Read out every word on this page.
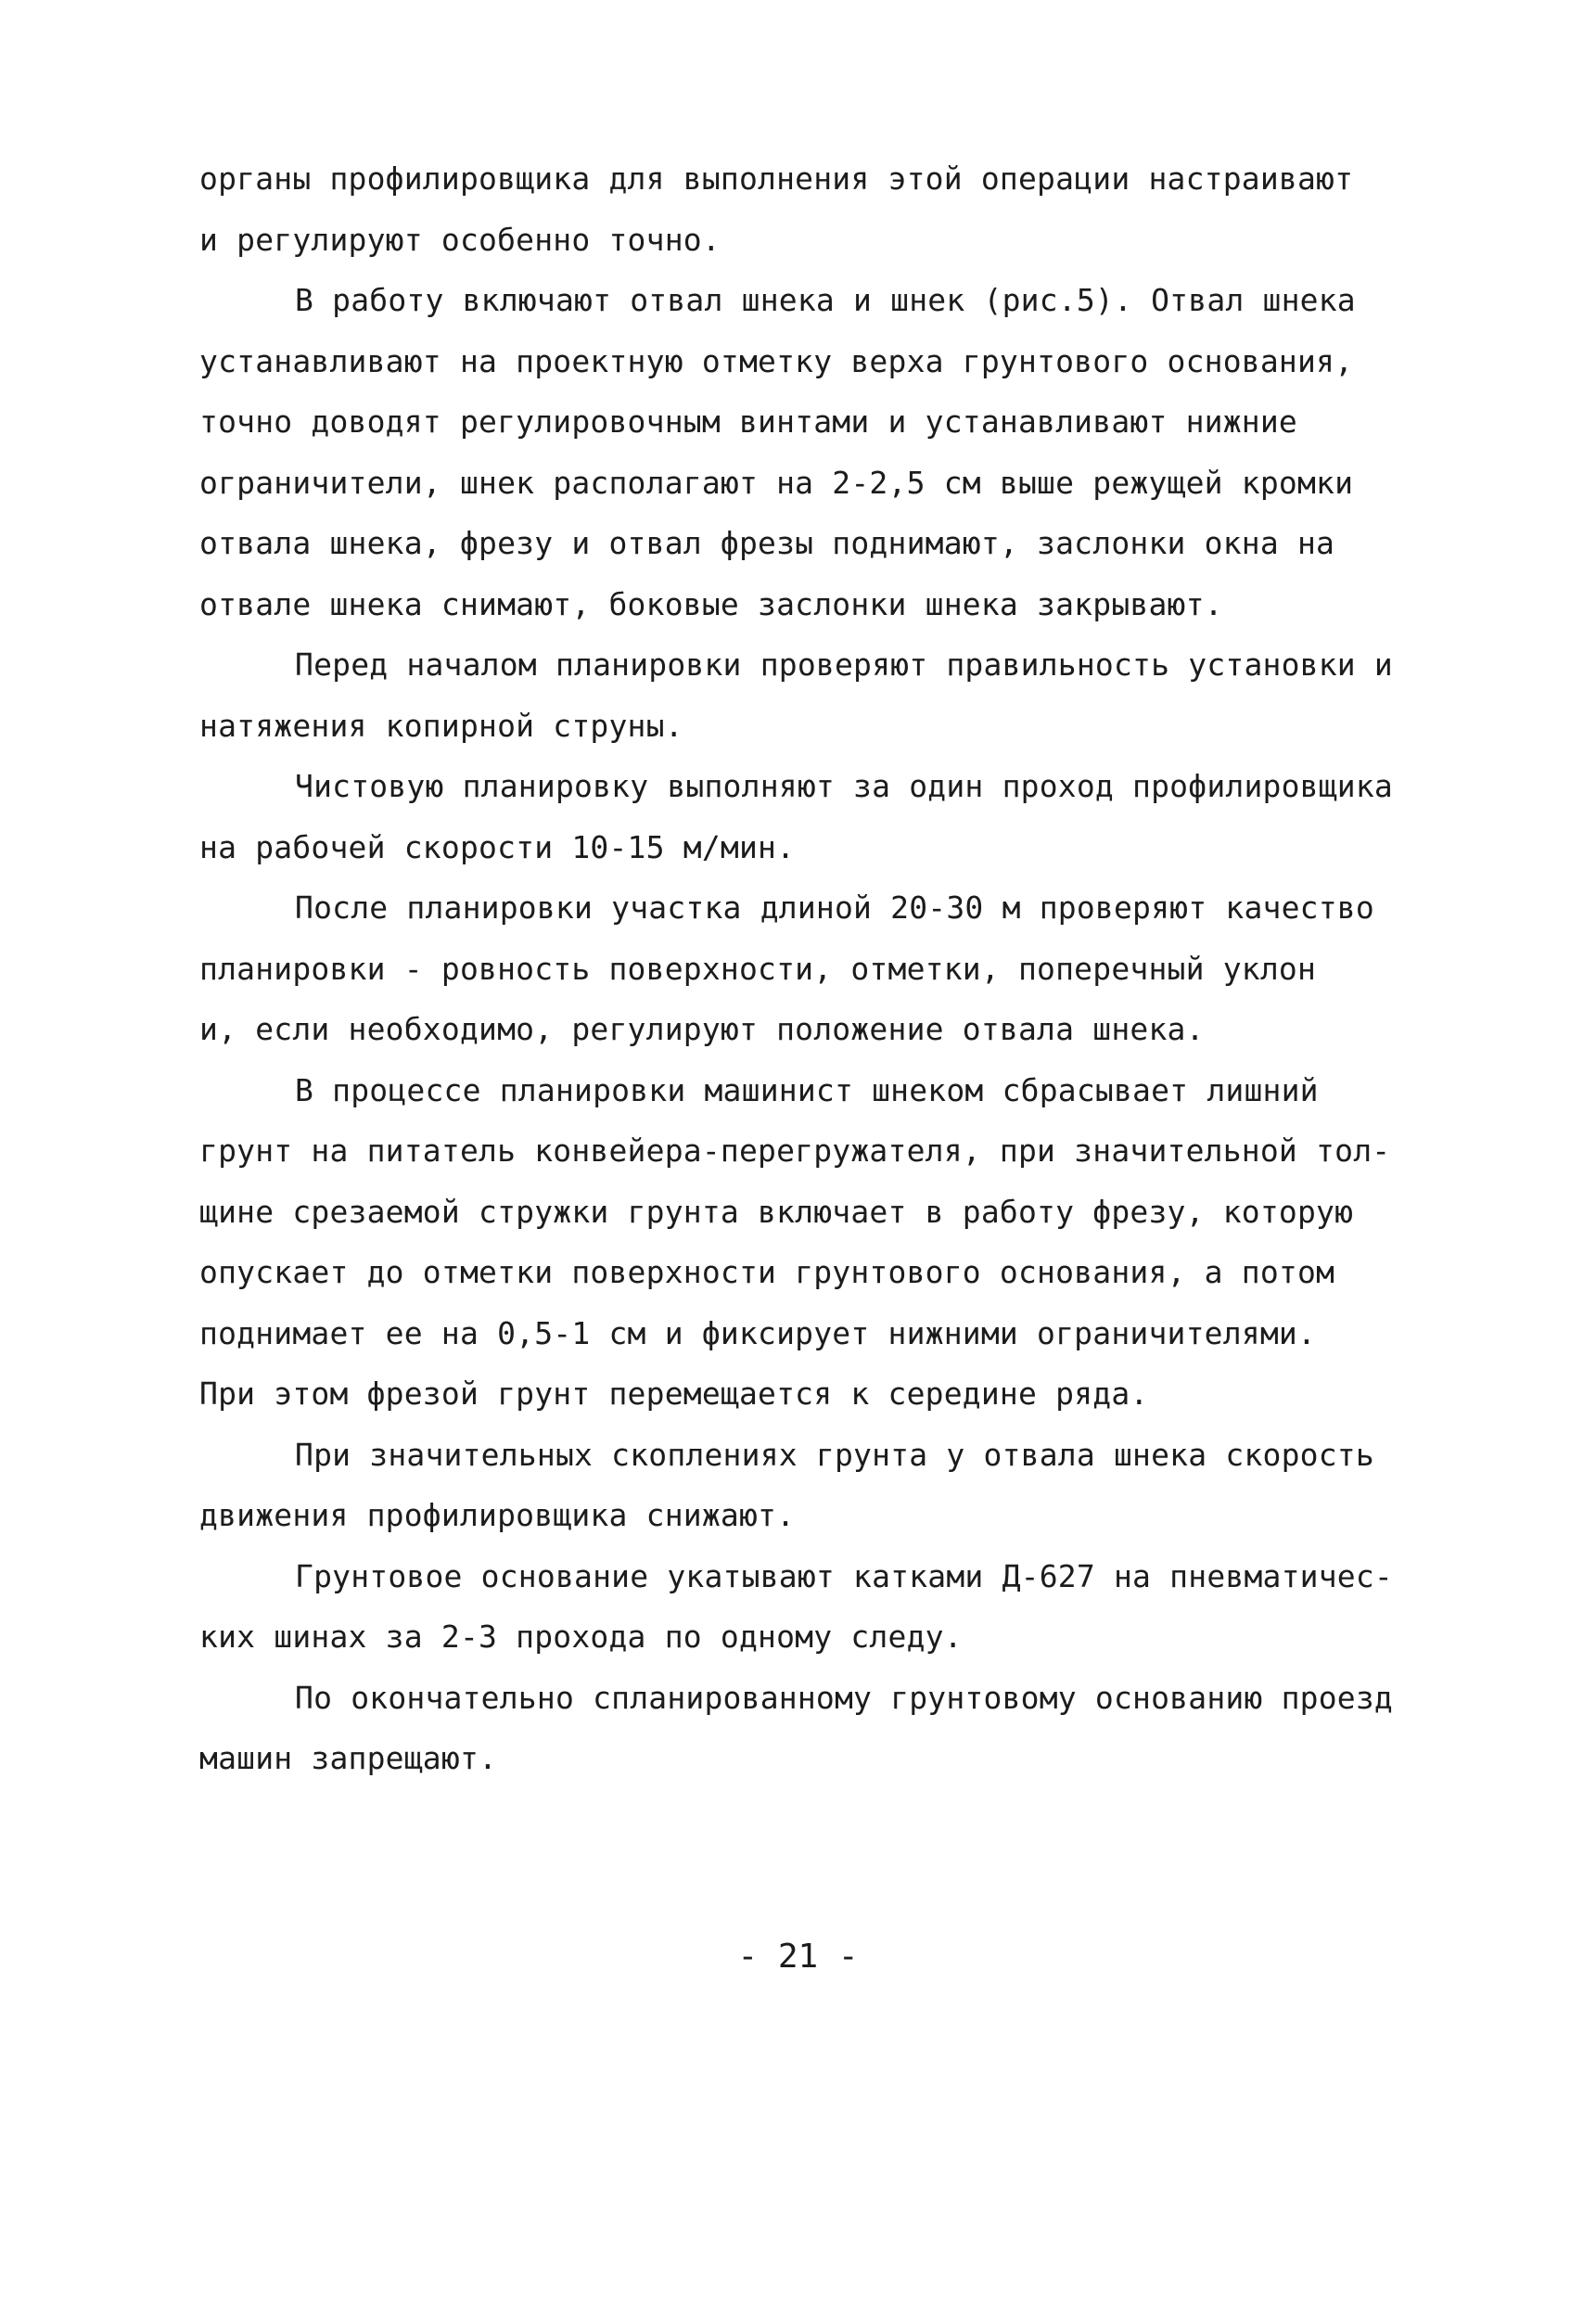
органы профилировщика для выполнения этой операции настраивают
и регулируют особенно точно.
В работу включают отвал шнека и шнек (рис.5). Отвал шнека
устанавливают на проектную отметку верха грунтового основания,
точно доводят регулировочным винтами и устанавливают нижние
ограничители, шнек располагают на 2-2,5 см выше режущей кромки
отвала шнека, фрезу и отвал фрезы поднимают, заслонки окна на
отвале шнека снимают, боковые заслонки шнека закрывают.
Перед началом планировки проверяют правильность установки и
натяжения копирной струны.
Чистовую планировку выполняют за один проход профилировщика
на рабочей скорости 10-15 м/мин.
После планировки участка длиной 20-30 м проверяют качество
планировки - ровность поверхности, отметки, поперечный уклон
и, если необходимо, регулируют положение отвала шнека.
В процессе планировки машинист шнеком сбрасывает лишний
грунт на питатель конвейера-перегружателя, при значительной тол-
щине срезаемой стружки грунта включает в работу фрезу, которую
опускает до отметки поверхности грунтового основания, а потом
поднимает ее на 0,5-1 см и фиксирует нижними ограничителями.
При этом фрезой грунт перемещается к середине ряда.
При значительных скоплениях грунта у отвала шнека скорость
движения профилировщика снижают.
Грунтовое основание укатывают катками Д-627 на пневматичес-
ких шинах за 2-3 прохода по одному следу.
По окончательно спланированному грунтовому основанию проезд
машин запрещают.
- 21 -
